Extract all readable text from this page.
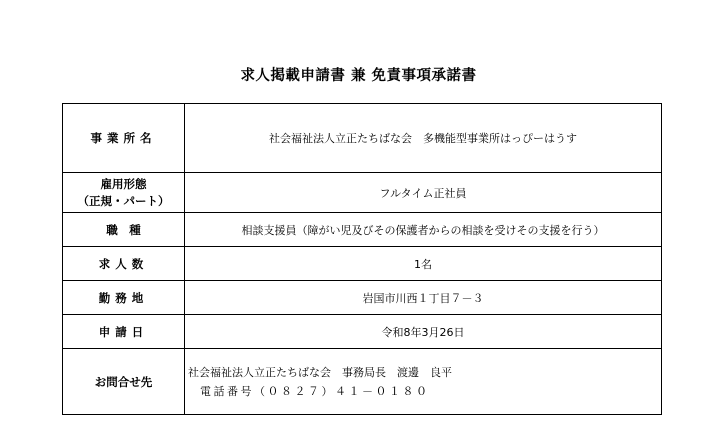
求人掲載申請書 兼 免責事項承諾書
事業所名	社会福祉法人立正たちばな会　多機能型事業所はっぴーはうす

雇用形態
（正規・パート）	フルタイム正社員
職　種	相談支援員（障がい児及びその保護者からの相談を受けその支援を行う）
求人数	1名
勤務地	岩国市川西１丁目７－３
申請日	令和8年3月26日
お問合せ先	社会福祉法人立正たちばな会　事務局長　渡邊　良平
電話番号（０８２７）４１－０１８０
